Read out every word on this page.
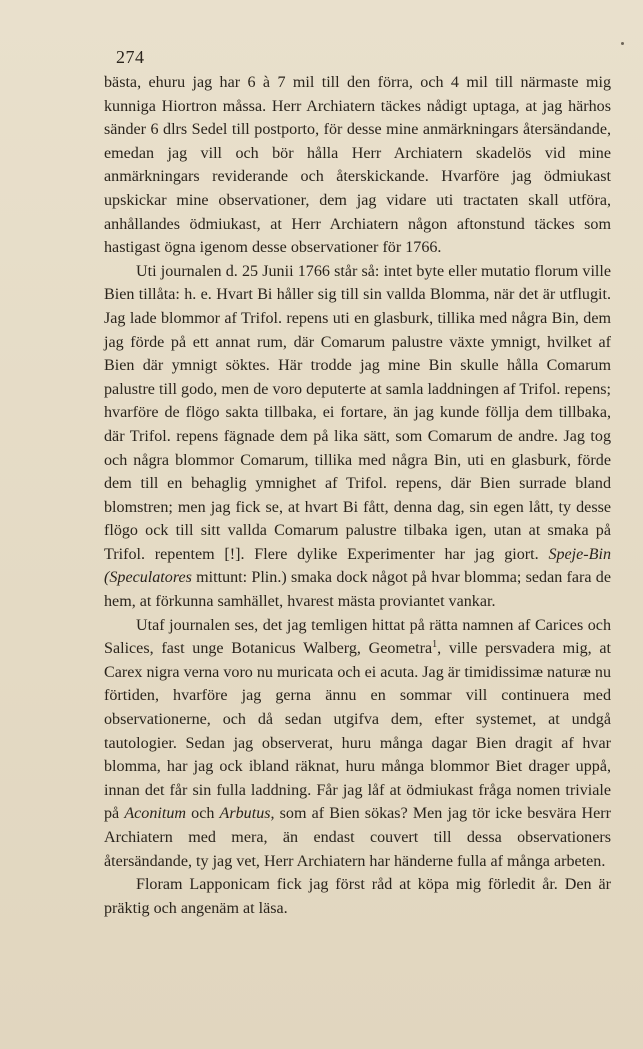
274

bästa, ehuru jag har 6 à 7 mil till den förra, och 4 mil till närmaste mig kunniga Hiortron måssa. Herr Archiatern täckes nådigt uptaga, at jag härhos sänder 6 dlrs Sedel till postporto, för desse mine anmärkningars återsändande, emedan jag vill och bör hålla Herr Archiatern skadelös vid mine anmärkningars reviderande och återskickande. Hvarföre jag ödmiukast upskickar mine observationer, dem jag vidare uti tractaten skall utföra, anhållandes ödmiukast, at Herr Archiatern någon aftonstund täckes som hastigast ögna igenom desse observationer för 1766.

Uti journalen d. 25 Junii 1766 står så: intet byte eller mutatio florum ville Bien tillåta: h. e. Hvart Bi håller sig till sin vallda Blomma, när det är utflugit. Jag lade blommor af Trifol. repens uti en glasburk, tillika med några Bin, dem jag förde på ett annat rum, där Comarum palustre växte ymnigt, hvilket af Bien där ymnigt söktes. Här trodde jag mine Bin skulle hålla Comarum palustre till godo, men de voro deputerte at samla laddningen af Trifol. repens; hvarföre de flögo sakta tillbaka, ei fortare, än jag kunde föllja dem tillbaka, där Trifol. repens fägnade dem på lika sätt, som Comarum de andre. Jag tog och några blommor Comarum, tillika med några Bin, uti en glasburk, förde dem till en behaglig ymnighet af Trifol. repens, där Bien surrade bland blomstren; men jag fick se, at hvart Bi fått, denna dag, sin egen lått, ty desse flögo ock till sitt vallda Comarum palustre tilbaka igen, utan at smaka på Trifol. repentem [!]. Flere dylike Experimenter har jag giort. Speje-Bin (Speculatores mittunt: Plin.) smaka dock något på hvar blomma; sedan fara de hem, at förkunna samhället, hvarest mästa proviantet vankar.

Utaf journalen ses, det jag temligen hittat på rätta namnen af Carices och Salices, fast unge Botanicus Walberg, Geometra$^1$, ville persvadera mig, at Carex nigra verna voro nu muricata och ei acuta. Jag är timidissimæ naturæ nu förtiden, hvarföre jag gerna ännu en sommar vill continuera med observationerne, och då sedan utgifva dem, efter systemet, at undgå tautologier. Sedan jag observerat, huru många dagar Bien dragit af hvar blomma, har jag ock ibland räknat, huru många blommor Biet drager uppå, innan det får sin fulla laddning. Får jag låf at ödmiukast fråga nomen triviale på Aconitum och Arbutus, som af Bien sökas? Men jag tör icke besvära Herr Archiatern med mera, än endast couvert till dessa observationers återsändande, ty jag vet, Herr Archiatern har händerne fulla af många arbeten.

Floram Lapponicam fick jag först råd at köpa mig förledit år. Den är präktig och angenäm at läsa.
